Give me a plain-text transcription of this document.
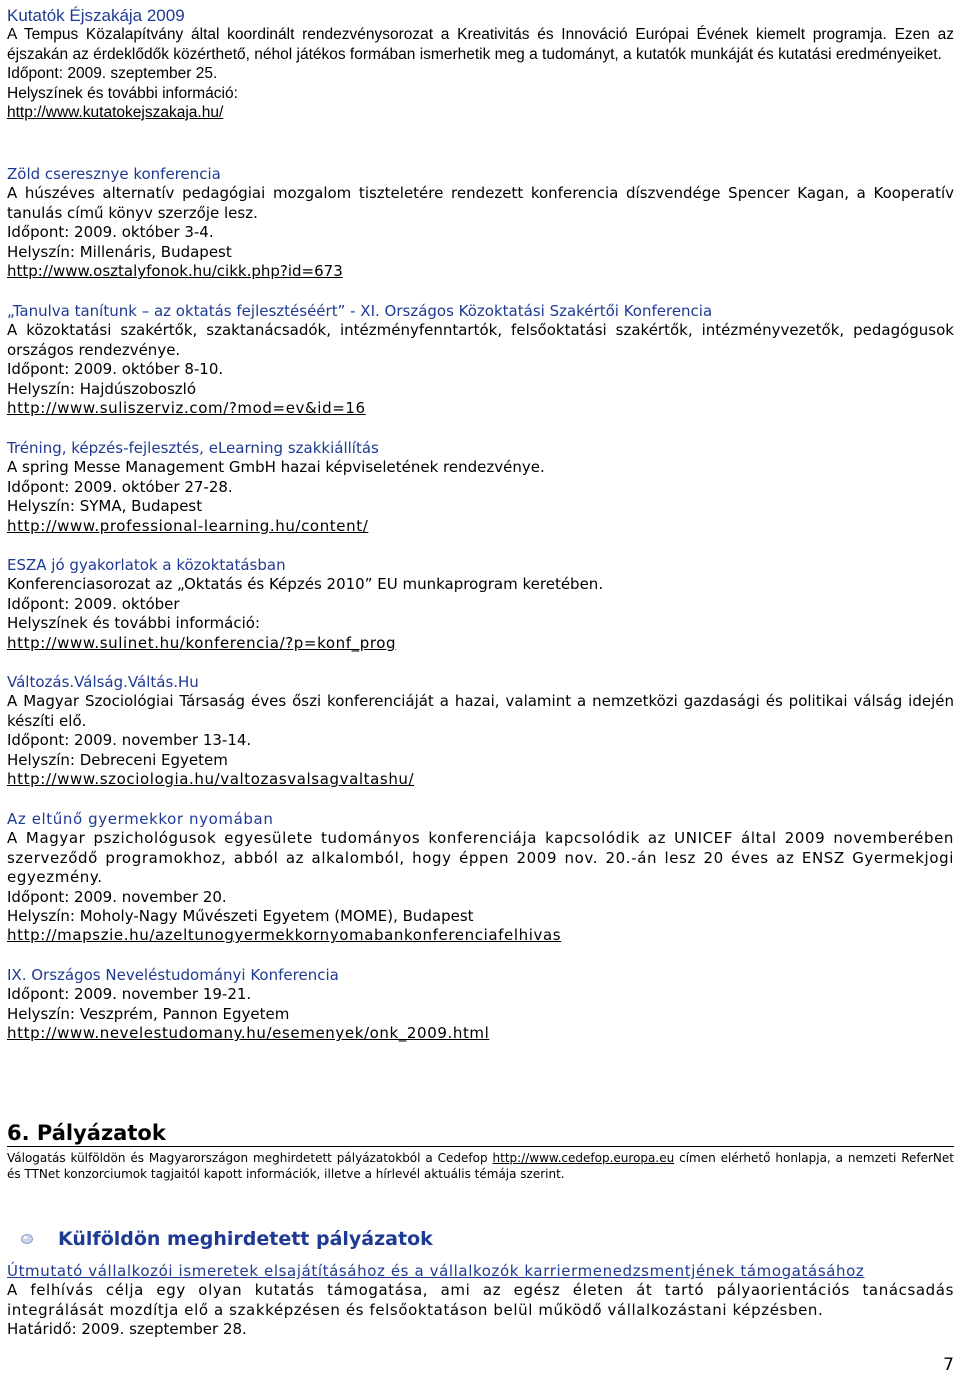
Kutatók Éjszakája 2009

A Tempus Közalapítvány által koordinált rendezvénysorozat a Kreativitás és Innováció Európai Évének kiemelt programja. Ezen az éjszakán az érdeklődők közérthető, néhol játékos formában ismerhetik meg a tudományt, a kutatók munkáját és kutatási eredményeiket.

Időpont: 2009. szeptember 25.

Helyszínek és további információ:

http://www.kutatokejszakaja.hu/

Zöld cseresznye konferencia

A húszéves alternatív pedagógiai mozgalom tiszteletére rendezett konferencia díszvendége Spencer Kagan, a Kooperatív tanulás című könyv szerzője lesz.

Időpont: 2009. október 3-4.

Helyszín: Millenáris, Budapest

http://www.osztalyfonok.hu/cikk.php?id=673

„Tanulva tanítunk – az oktatás fejlesztéséért” - XI. Országos Közoktatási Szakértői Konferencia

A közoktatási szakértők, szaktanácsadók, intézményfenntartók, felsőoktatási szakértők, intézményvezetők, pedagógusok országos rendezvénye.

Időpont: 2009. október 8-10.

Helyszín: Hajdúszoboszló

http://www.suliszerviz.com/?mod=ev&id=16

Tréning, képzés-fejlesztés, eLearning szakkiállítás

A spring Messe Management GmbH hazai képviseletének rendezvénye.

Időpont: 2009. október 27-28.

Helyszín: SYMA, Budapest

http://www.professional-learning.hu/content/

ESZA jó gyakorlatok a közoktatásban

Konferenciasorozat az „Oktatás és Képzés 2010” EU munkaprogram keretében.

Időpont: 2009. október

Helyszínek és további információ:

http://www.sulinet.hu/konferencia/?p=konf_prog

Változás.Válság.Váltás.Hu

A Magyar Szociológiai Társaság éves őszi konferenciáját a hazai, valamint a nemzetközi gazdasági és politikai válság idején készíti elő.

Időpont: 2009. november 13-14.

Helyszín: Debreceni Egyetem

http://www.szociologia.hu/valtozasvalsagvaltashu/

Az eltűnő gyermekkor nyomában

A Magyar pszichológusok egyesülete tudományos konferenciája kapcsolódik az UNICEF által 2009 novemberében szerveződő programokhoz, abból az alkalomból, hogy éppen 2009 nov. 20.-án lesz 20 éves az ENSZ Gyermekjogi egyezmény.

Időpont: 2009. november 20.

Helyszín: Moholy-Nagy Művészeti Egyetem (MOME), Budapest

http://mapszie.hu/azeltunogyermekkornyomabankonferenciafelhivas

IX. Országos Neveléstudományi Konferencia

Időpont: 2009. november 19-21.

Helyszín: Veszprém, Pannon Egyetem

http://www.nevelestudomany.hu/esemenyek/onk_2009.html

6. Pályázatok
Válogatás külföldön és Magyarországon meghirdetett pályázatokból a Cedefop http://www.cedefop.europa.eu címen elérhető honlapja, a nemzeti ReferNet és TTNet konzorciumok tagjaitól kapott információk, illetve a hírlevél aktuális témája szerint.
Külföldön meghirdetett pályázatok

Útmutató vállalkozói ismeretek elsajátításához és a vállalkozók karriermenedzsmentjének támogatásához

A felhívás célja egy olyan kutatás támogatása, ami az egész életen át tartó pályaorientációs tanácsadás integrálását mozdítja elő a szakképzésen és felsőoktatáson belül működő vállalkozástani képzésben.

Határidő: 2009. szeptember 28.

7
